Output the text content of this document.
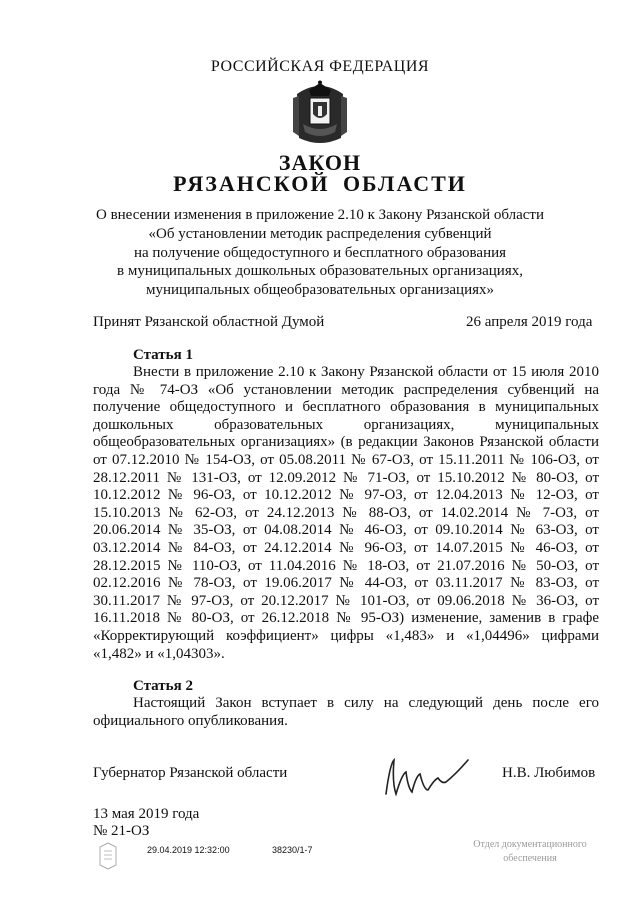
РОССИЙСКАЯ ФЕДЕРАЦИЯ
ЗАКОН
РЯЗАНСКОЙ ОБЛАСТИ
О внесении изменения в приложение 2.10 к Закону Рязанской области
«Об установлении методик распределения субвенций
на получение общедоступного и бесплатного образования
в муниципальных дошкольных образовательных организациях,
муниципальных общеобразовательных организациях»
Принят Рязанской областной Думой	26 апреля 2019 года
Статья 1
Внести в приложение 2.10 к Закону Рязанской области от 15 июля 2010 года № 74-ОЗ «Об установлении методик распределения субвенций на получение общедоступного и бесплатного образования в муниципальных дошкольных образовательных организациях, муниципальных общеобразовательных организациях» (в редакции Законов Рязанской области от 07.12.2010 № 154-ОЗ, от 05.08.2011 № 67-ОЗ, от 15.11.2011 № 106-ОЗ, от 28.12.2011 № 131-ОЗ, от 12.09.2012 № 71-ОЗ, от 15.10.2012 № 80-ОЗ, от 10.12.2012 № 96-ОЗ, от 10.12.2012 № 97-ОЗ, от 12.04.2013 № 12-ОЗ, от 15.10.2013 № 62-ОЗ, от 24.12.2013 № 88-ОЗ, от 14.02.2014 № 7-ОЗ, от 20.06.2014 № 35-ОЗ, от 04.08.2014 № 46-ОЗ, от 09.10.2014 № 63-ОЗ, от 03.12.2014 № 84-ОЗ, от 24.12.2014 № 96-ОЗ, от 14.07.2015 № 46-ОЗ, от 28.12.2015 № 110-ОЗ, от 11.04.2016 № 18-ОЗ, от 21.07.2016 № 50-ОЗ, от 02.12.2016 № 78-ОЗ, от 19.06.2017 № 44-ОЗ, от 03.11.2017 № 83-ОЗ, от 30.11.2017 № 97-ОЗ, от 20.12.2017 № 101-ОЗ, от 09.06.2018 № 36-ОЗ, от 16.11.2018 № 80-ОЗ, от 26.12.2018 № 95-ОЗ) изменение, заменив в графе «Корректирующий коэффициент» цифры «1,483» и «1,04496» цифрами «1,482» и «1,04303».
Статья 2
Настоящий Закон вступает в силу на следующий день после его официального опубликования.
Губернатор Рязанской области	Н.В. Любимов
13 мая 2019 года
№ 21-ОЗ
29.04.2019 12:32:00	38230/1-7	Отдел документационного
обеспечения
